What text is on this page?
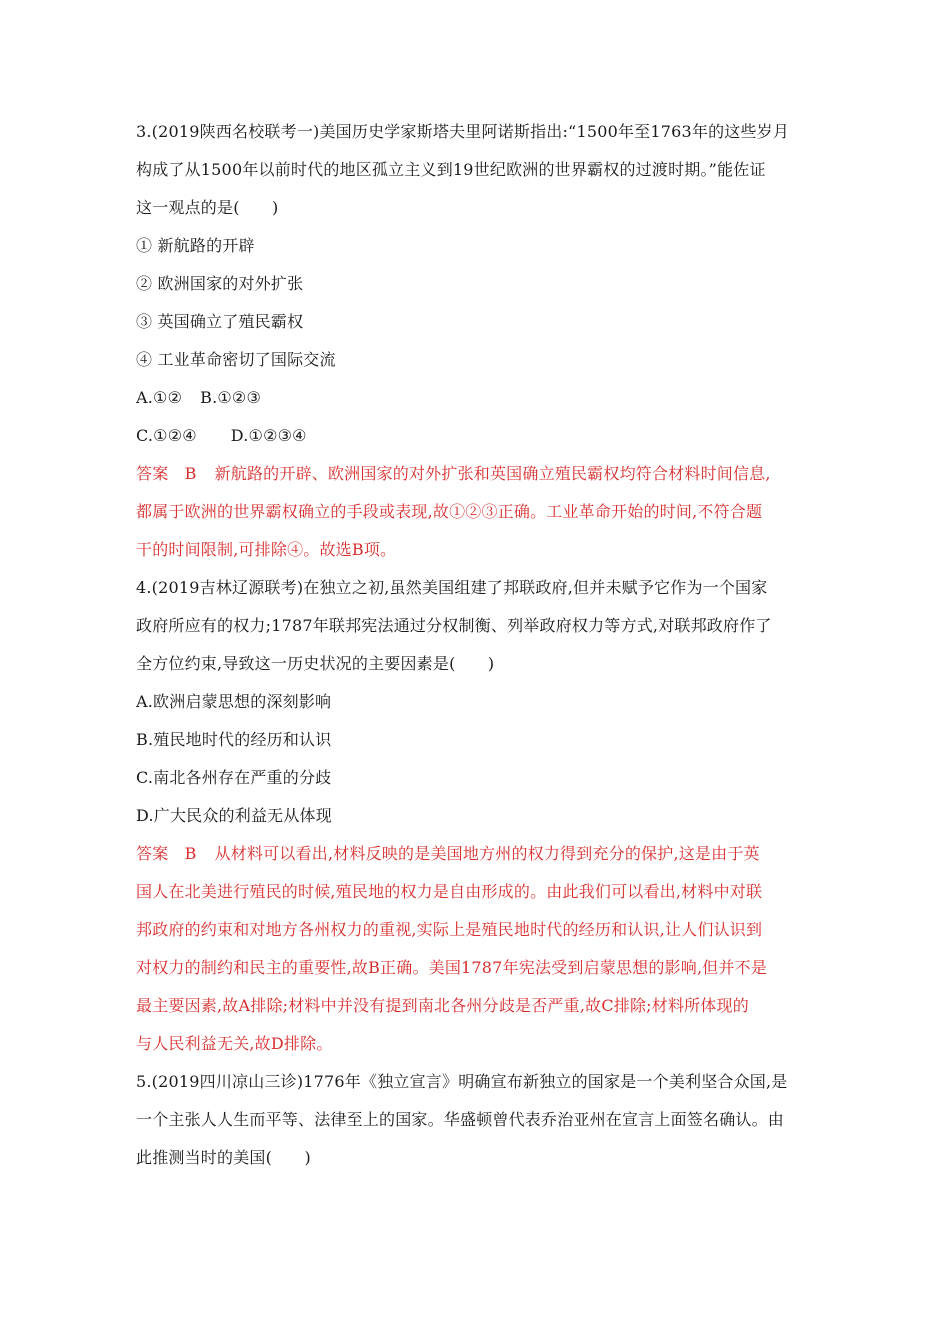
3.(2019陕西名校联考一)美国历史学家斯塔夫里阿诺斯指出:“1500年至1763年的这些岁月
构成了从1500年以前时代的地区孤立主义到19世纪欧洲的世界霸权的过渡时期。”能佐证
这一观点的是(　　)
① 新航路的开辟
② 欧洲国家的对外扩张
③ 英国确立了殖民霸权
④ 工业革命密切了国际交流
A.①② B.①②③
C.①②④ D.①②③④
答案　B 新航路的开辟、欧洲国家的对外扩张和英国确立殖民霸权均符合材料时间信息,
都属于欧洲的世界霸权确立的手段或表现,故①②③正确。工业革命开始的时间,不符合题
干的时间限制,可排除④。故选B项。
4.(2019吉林辽源联考)在独立之初,虽然美国组建了邦联政府,但并未赋予它作为一个国家
政府所应有的权力;1787年联邦宪法通过分权制衡、列举政府权力等方式,对联邦政府作了
全方位约束,导致这一历史状况的主要因素是(　　)
A.欧洲启蒙思想的深刻影响
B.殖民地时代的经历和认识
C.南北各州存在严重的分歧
D.广大民众的利益无从体现
答案　B 从材料可以看出,材料反映的是美国地方州的权力得到充分的保护,这是由于英
国人在北美进行殖民的时候,殖民地的权力是自由形成的。由此我们可以看出,材料中对联
邦政府的约束和对地方各州权力的重视,实际上是殖民地时代的经历和认识,让人们认识到
对权力的制约和民主的重要性,故B正确。美国1787年宪法受到启蒙思想的影响,但并不是
最主要因素,故A排除;材料中并没有提到南北各州分歧是否严重,故C排除;材料所体现的
与人民利益无关,故D排除。
5.(2019四川凉山三诊)1776年《独立宣言》明确宣布新独立的国家是一个美利坚合众国,是
一个主张人人生而平等、法律至上的国家。华盛顿曾代表乔治亚州在宣言上面签名确认。由
此推测当时的美国(　　)
